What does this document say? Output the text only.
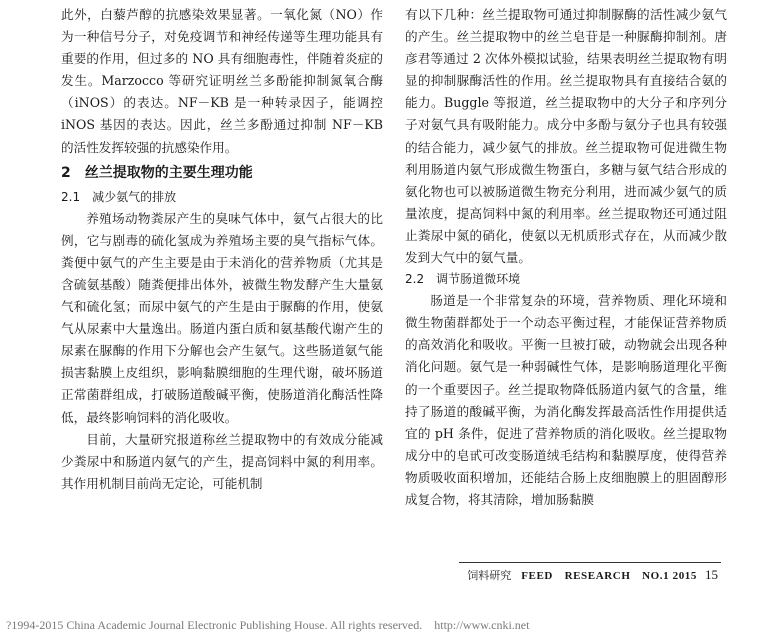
此外，白藜芦醇的抗感染效果显著。一氧化氮（NO）作为一种信号分子，对免疫调节和神经传递等生理功能具有重要的作用，但过多的 NO 具有细胞毒性，伴随着炎症的发生。Marzocco 等研究证明丝兰多酚能抑制氮氧合酶（iNOS）的表达。NF－KB 是一种转录因子，能调控 iNOS 基因的表达。因此，丝兰多酚通过抑制 NF－KB 的活性发挥较强的抗感染作用。

2　丝兰提取物的主要生理功能

2.1　减少氨气的排放

养殖场动物粪尿产生的臭味气体中，氨气占很大的比例，它与剧毒的硫化氢成为养殖场主要的臭气指标气体。粪便中氨气的产生主要是由于未消化的营养物质（尤其是含硫氨基酸）随粪便排出体外，被微生物发酵产生大量氨气和硫化氢；而尿中氨气的产生是由于脲酶的作用，使氨气从尿素中大量逸出。肠道内蛋白质和氨基酸代谢产生的尿素在脲酶的作用下分解也会产生氨气。这些肠道氨气能损害黏膜上皮组织，影响黏膜细胞的生理代谢，破坏肠道正常菌群组成，打破肠道酸碱平衡，使肠道消化酶活性降低，最终影响饲料的消化吸收。

目前，大量研究报道称丝兰提取物中的有效成分能减少粪尿中和肠道内氨气的产生，提高饲料中氮的利用率。其作用机制目前尚无定论，可能机制

有以下几种：丝兰提取物可通过抑制脲酶的活性减少氨气的产生。丝兰提取物中的丝兰皂苷是一种脲酶抑制剂。唐彦君等通过 2 次体外模拟试验，结果表明丝兰提取物有明显的抑制脲酶活性的作用。丝兰提取物具有直接结合氨的能力。Buggle 等报道，丝兰提取物中的大分子和序列分子对氨气具有吸附能力。成分中多酚与氨分子也具有较强的结合能力，减少氨气的排放。丝兰提取物可促进微生物利用肠道内氨气形成微生物蛋白，多糖与氨气结合形成的氨化物也可以被肠道微生物充分利用，进而减少氨气的质量浓度，提高饲料中氮的利用率。丝兰提取物还可通过阻止粪尿中氮的硝化，使氨以无机质形式存在，从而减少散发到大气中的氨气量。

2.2　调节肠道微环境

肠道是一个非常复杂的环境，营养物质、理化环境和微生物菌群都处于一个动态平衡过程，才能保证营养物质的高效消化和吸收。平衡一旦被打破，动物就会出现各种消化问题。氨气是一种弱碱性气体，是影响肠道理化平衡的一个重要因子。丝兰提取物降低肠道内氨气的含量，维持了肠道的酸碱平衡，为消化酶发挥最高活性作用提供适宜的 pH 条件，促进了营养物质的消化吸收。丝兰提取物成分中的皂甙可改变肠道绒毛结构和黏膜厚度，使得营养物质吸收面积增加，还能结合肠上皮细胞膜上的胆固醇形成复合物，将其清除，增加肠黏膜

饲料研究 FEED　RESEARCH　NO.1 2015 15
?1994-2015 China Academic Journal Electronic Publishing House. All rights reserved.　http://www.cnki.net
